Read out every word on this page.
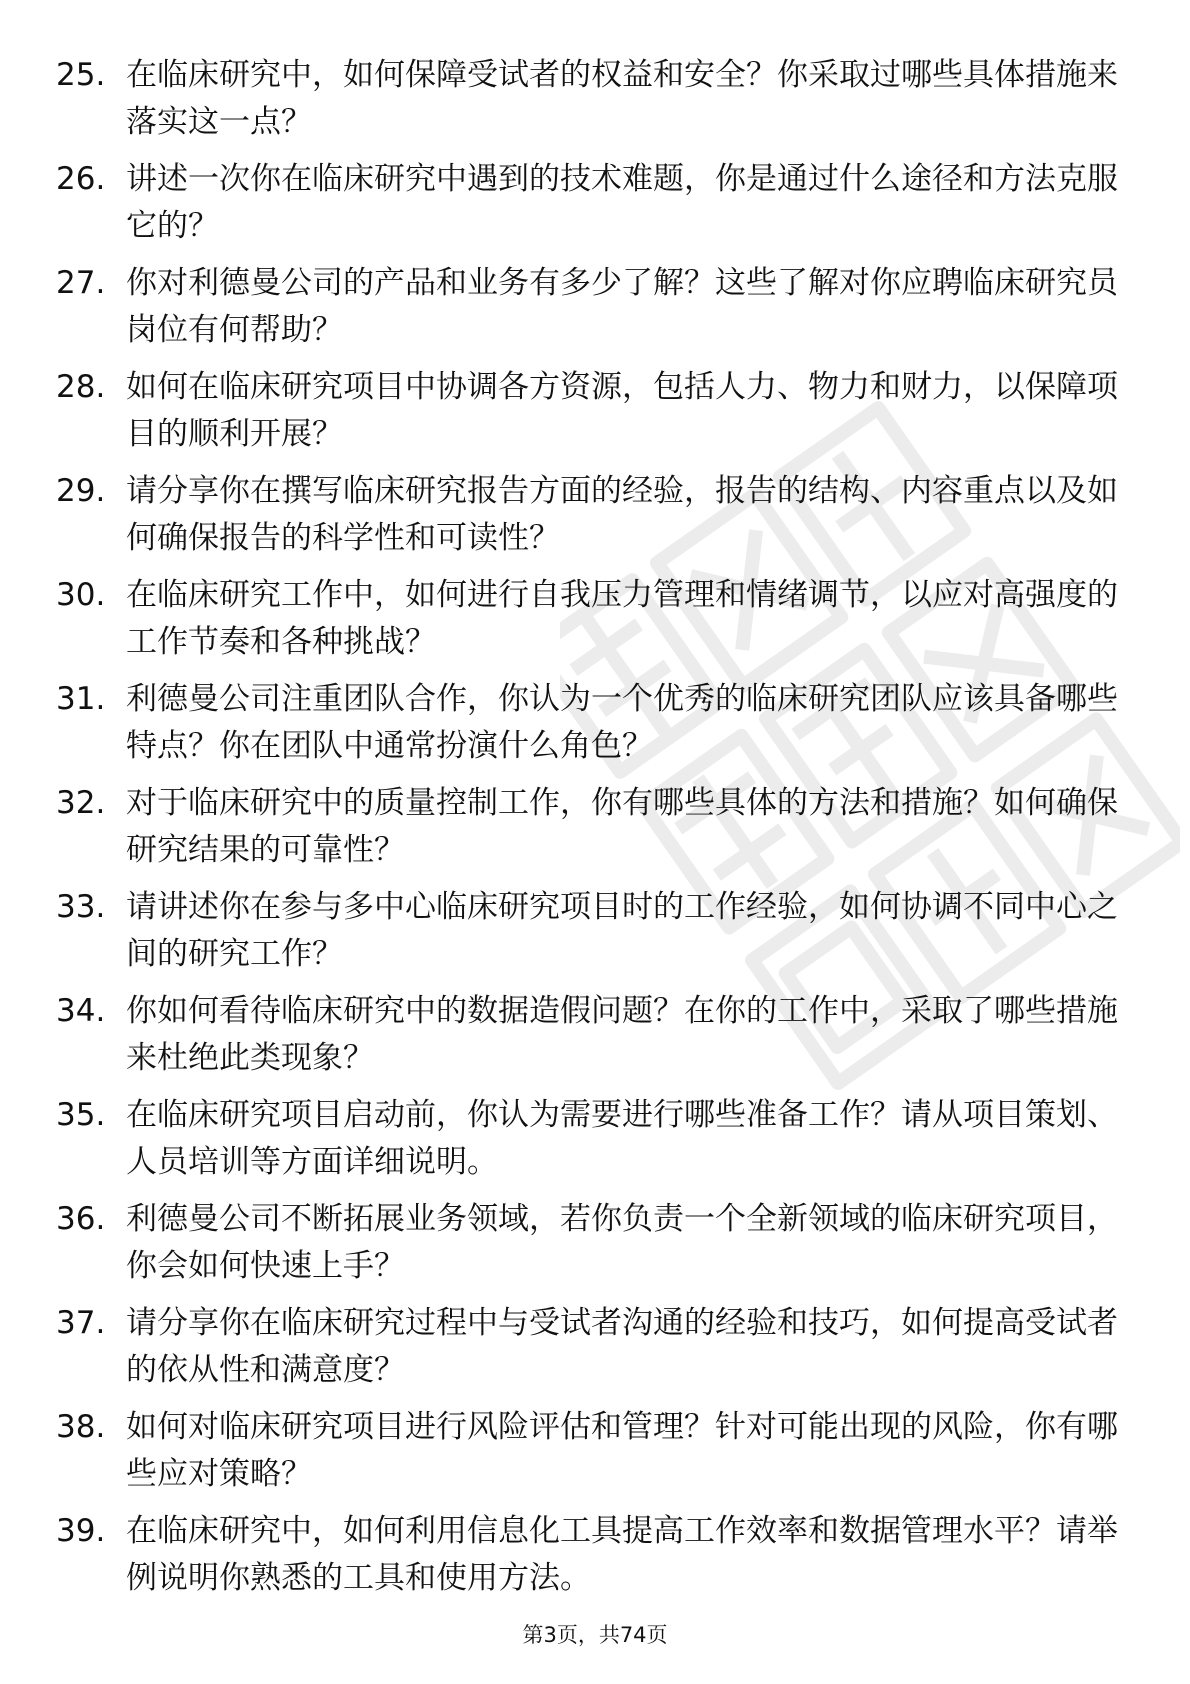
25. 在临床研究中，如何保障受试者的权益和安全？你采取过哪些具体措施来落实这一点？
26. 讲述一次你在临床研究中遇到的技术难题，你是通过什么途径和方法克服它的？
27. 你对利德曼公司的产品和业务有多少了解？这些了解对你应聘临床研究员岗位有何帮助？
28. 如何在临床研究项目中协调各方资源，包括人力、物力和财力，以保障项目的顺利开展？
29. 请分享你在撰写临床研究报告方面的经验，报告的结构、内容重点以及如何确保报告的科学性和可读性？
30. 在临床研究工作中，如何进行自我压力管理和情绪调节，以应对高强度的工作节奏和各种挑战？
31. 利德曼公司注重团队合作，你认为一个优秀的临床研究团队应该具备哪些特点？你在团队中通常扮演什么角色？
32. 对于临床研究中的质量控制工作，你有哪些具体的方法和措施？如何确保研究结果的可靠性？
33. 请讲述你在参与多中心临床研究项目时的工作经验，如何协调不同中心之间的研究工作？
34. 你如何看待临床研究中的数据造假问题？在你的工作中，采取了哪些措施来杜绝此类现象？
35. 在临床研究项目启动前，你认为需要进行哪些准备工作？请从项目策划、人员培训等方面详细说明。
36. 利德曼公司不断拓展业务领域，若你负责一个全新领域的临床研究项目，你会如何快速上手？
37. 请分享你在临床研究过程中与受试者沟通的经验和技巧，如何提高受试者的依从性和满意度？
38. 如何对临床研究项目进行风险评估和管理？针对可能出现的风险，你有哪些应对策略？
39. 在临床研究中，如何利用信息化工具提高工作效率和数据管理水平？请举例说明你熟悉的工具和使用方法。
第3页，共74页
